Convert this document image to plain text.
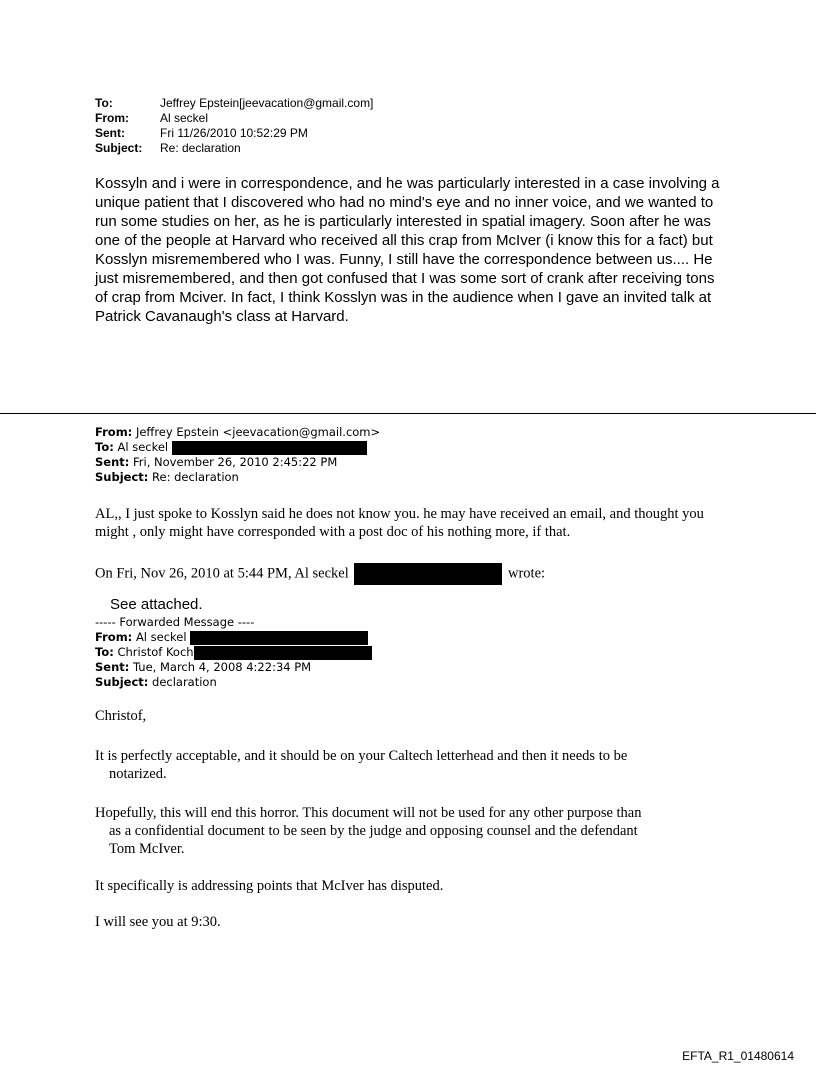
To:	Jeffrey Epstein[jeevacation@gmail.com]
From:	Al seckel
Sent:	Fri 11/26/2010 10:52:29 PM
Subject:	Re: declaration
Kossyln and i were in correspondence, and he was particularly interested in a case involving a unique patient that I discovered who had no mind's eye and no inner voice, and we wanted to run some studies on her, as he is particularly interested in spatial imagery. Soon after he was one of the people at Harvard who received all this crap from McIver (i know this for a fact) but Kosslyn misremembered who I was. Funny, I still have the correspondence between us.... He just misremembered, and then got confused that I was some sort of crank after receiving tons of crap from Mciver. In fact, I think Kosslyn was in the audience when I gave an invited talk at Patrick Cavanaugh's class at Harvard.
From: Jeffrey Epstein <jeevacation@gmail.com>
To: Al seckel
Sent: Fri, November 26, 2010 2:45:22 PM
Subject: Re: declaration
AL,, I just spoke to Kosslyn said he does not know you. he may have received an email, and thought you might , only might have corresponded with a post doc of his nothing more, if that.
On Fri, Nov 26, 2010 at 5:44 PM, Al seckel	wrote:
See attached.
----- Forwarded Message ----
From: Al seckel
To: Christof Koch
Sent: Tue, March 4, 2008 4:22:34 PM
Subject: declaration
Christof,
It is perfectly acceptable, and it should be on your Caltech letterhead and then it needs to be
notarized.
Hopefully, this will end this horror. This document will not be used for any other purpose than
as a confidential document to be seen by the judge and opposing counsel and the defendant
Tom McIver.
It specifically is addressing points that McIver has disputed.
I will see you at 9:30.
EFTA_R1_01480614
